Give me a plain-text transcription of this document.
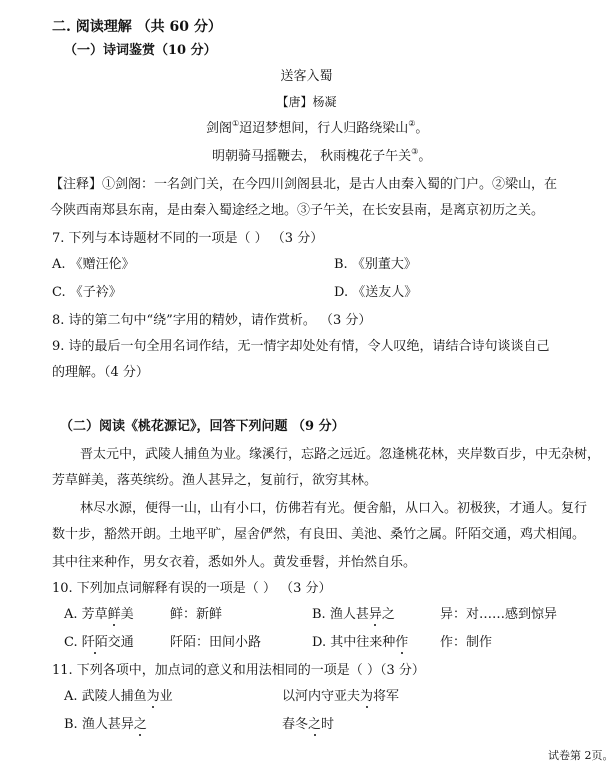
二. 阅读理解 （共 60 分）
（一）诗词鉴赏（10 分）
送客入蜀
【唐】杨凝
剑阁①迢迢梦想间，行人归路绕梁山②。
明朝骑马摇鞭去， 秋雨槐花子午关③。
【注释】①剑阁：一名剑门关，在今四川剑阁县北，是古人由秦入蜀的门户。②梁山，在
今陕西南郑县东南，是由秦入蜀途经之地。③子午关，在长安县南，是离京初历之关。
7. 下列与本诗题材不同的一项是（ ） （3 分）
A. 《赠汪伦》	B. 《别董大》
C. 《子衿》	D. 《送友人》
8. 诗的第二句中“绕”字用的精妙，请作赏析。 （3 分）
9. 诗的最后一句全用名词作结，无一情字却处处有情，令人叹绝，请结合诗句谈谈自己
的理解。（4 分）
（二）阅读《桃花源记》，回答下列问题 （9 分）
晋太元中，武陵人捕鱼为业。缘溪行，忘路之远近。忽逢桃花林，夹岸数百步，中无杂树，
芳草鲜美，落英缤纷。渔人甚异之，复前行，欲穷其林。
林尽水源，便得一山，山有小口，仿佛若有光。便舍船，从口入。初极狭，才通人。复行
数十步，豁然开朗。土地平旷，屋舍俨然，有良田、美池、桑竹之属。阡陌交通，鸡犬相闻。
其中往来种作，男女衣着，悉如外人。黄发垂髫，并怡然自乐。
10. 下列加点词解释有误的一项是（ ） （3 分）
A. 芳草鲜美	鲜：新鲜	B. 渔人甚异之	异：对……感到惊异
C. 阡陌交通	阡陌：田间小路	D. 其中往来种作 作：制作
11. 下列各项中，加点词的意义和用法相同的一项是（ ）（3 分）
A. 武陵人捕鱼为业	以河内守亚夫为将军
B. 渔人甚异之	春冬之时
试卷第 2页。
